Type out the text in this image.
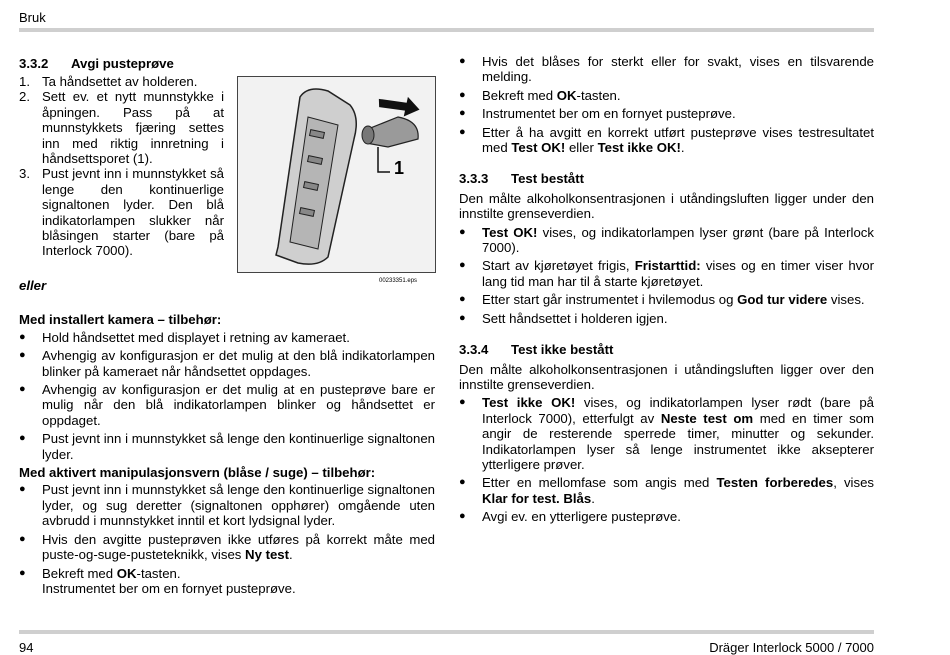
Bruk
3.3.2 Avgi pusteprøve
1. Ta håndsettet av holderen.
2. Sett ev. et nytt munnstykke i åpningen. Pass på at munnstykkets fjæring settes inn med riktig innretning i håndsettsporet (1).
3. Pust jevnt inn i munnstykket så lenge den kontinuerlige signaltonen lyder. Den blå indikatorlampen slukker når blåsingen starter (bare på Interlock 7000).
1
00233351.eps
eller
Med installert kamera – tilbehør:
● Hold håndsettet med displayet i retning av kameraet.
● Avhengig av konfigurasjon er det mulig at den blå indikatorlampen blinker på kameraet når håndsettet oppdages.
● Avhengig av konfigurasjon er det mulig at en pusteprøve bare er mulig når den blå indikatorlampen blinker og håndsettet er oppdaget.
● Pust jevnt inn i munnstykket så lenge den kontinuerlige signaltonen lyder.
Med aktivert manipulasjonsvern (blåse / suge) – tilbehør:
● Pust jevnt inn i munnstykket så lenge den kontinuerlige signaltonen lyder, og sug deretter (signaltonen opphører) omgående uten avbrudd i munnstykket inntil et kort lydsignal lyder.
● Hvis den avgitte pusteprøven ikke utføres på korrekt måte med puste-og-suge-pusteteknikk, vises Ny test.
● Bekreft med OK-tasten.
Instrumentet ber om en fornyet pusteprøve.
● Hvis det blåses for sterkt eller for svakt, vises en tilsvarende melding.
● Bekreft med OK-tasten.
● Instrumentet ber om en fornyet pusteprøve.
● Etter å ha avgitt en korrekt utført pusteprøve vises testresultatet med Test OK! eller Test ikke OK!.
3.3.3 Test bestått

Den målte alkoholkonsentrasjonen i utåndingsluften ligger under den innstilte grenseverdien.

● Test OK! vises, og indikatorlampen lyser grønt (bare på Interlock 7000).
● Start av kjøretøyet frigis, Fristarttid: vises og en timer viser hvor lang tid man har til å starte kjøretøyet.
● Etter start går instrumentet i hvilemodus og God tur videre vises.
● Sett håndsettet i holderen igjen.
3.3.4 Test ikke bestått

Den målte alkoholkonsentrasjonen i utåndingsluften ligger over den innstilte grenseverdien.

● Test ikke OK! vises, og indikatorlampen lyser rødt (bare på Interlock 7000), etterfulgt av Neste test om med en timer som angir de resterende sperrede timer, minutter og sekunder. Indikatorlampen lyser så lenge instrumentet ikke aksepterer ytterligere prøver.
● Etter en mellomfase som angis med Testen forberedes, vises Klar for test. Blås.
● Avgi ev. en ytterligere pusteprøve.
94	Dräger Interlock 5000 / 7000
